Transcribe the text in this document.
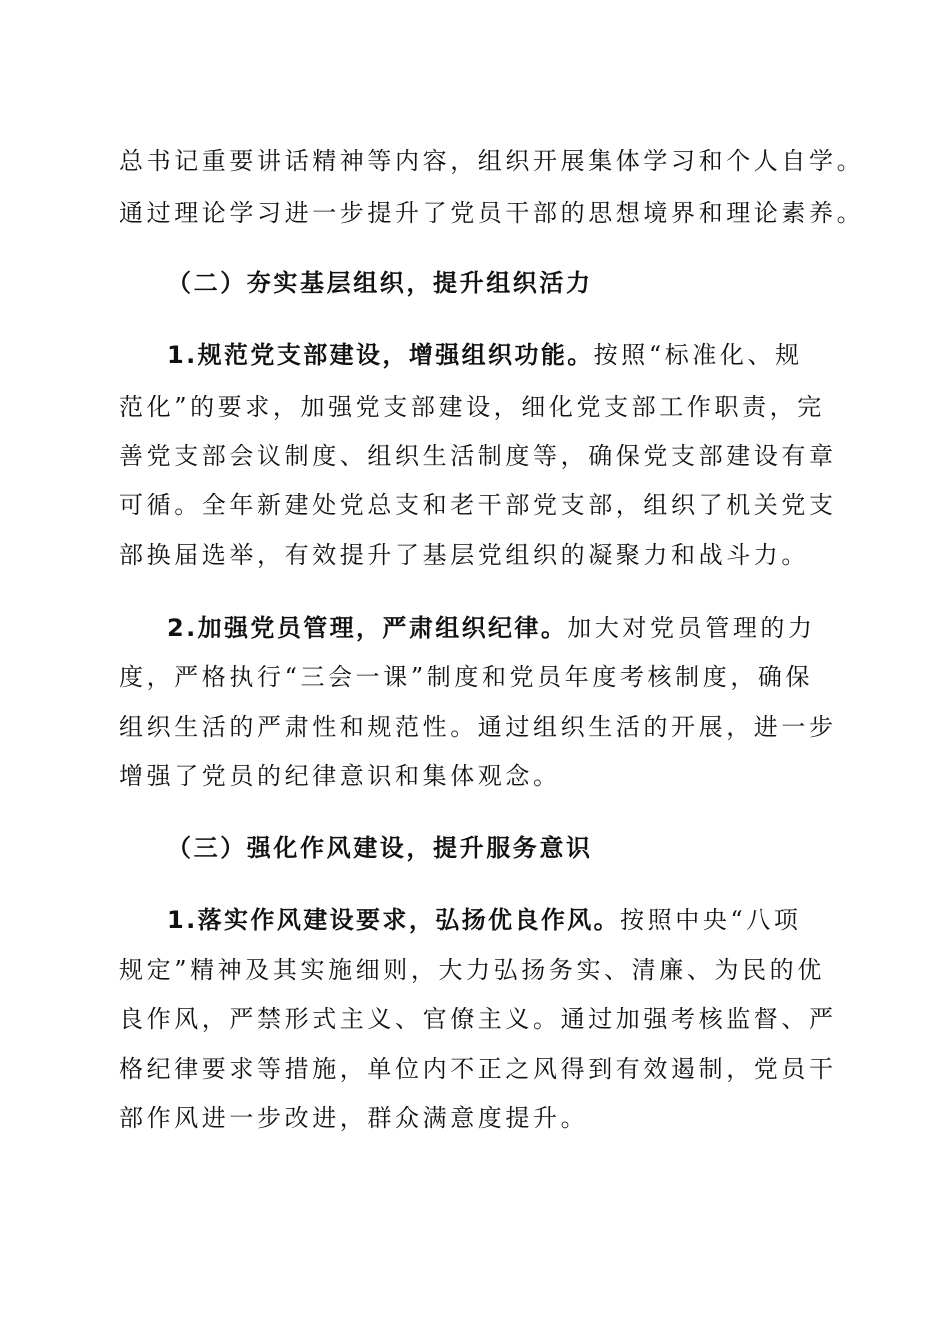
总书记重要讲话精神等内容，组织开展集体学习和个人自学。

通过理论学习进一步提升了党员干部的思想境界和理论素养。

（二）夯实基层组织，提升组织活力

1.规范党支部建设，增强组织功能。按照“标准化、规

范化”的要求，加强党支部建设，细化党支部工作职责，完

善党支部会议制度、组织生活制度等，确保党支部建设有章

可循。全年新建处党总支和老干部党支部，组织了机关党支

部换届选举，有效提升了基层党组织的凝聚力和战斗力。

2.加强党员管理，严肃组织纪律。加大对党员管理的力

度，严格执行“三会一课”制度和党员年度考核制度，确保

组织生活的严肃性和规范性。通过组织生活的开展，进一步

增强了党员的纪律意识和集体观念。

（三）强化作风建设，提升服务意识

1.落实作风建设要求，弘扬优良作风。按照中央“八项

规定”精神及其实施细则，大力弘扬务实、清廉、为民的优

良作风，严禁形式主义、官僚主义。通过加强考核监督、严

格纪律要求等措施，单位内不正之风得到有效遏制，党员干

部作风进一步改进，群众满意度提升。
